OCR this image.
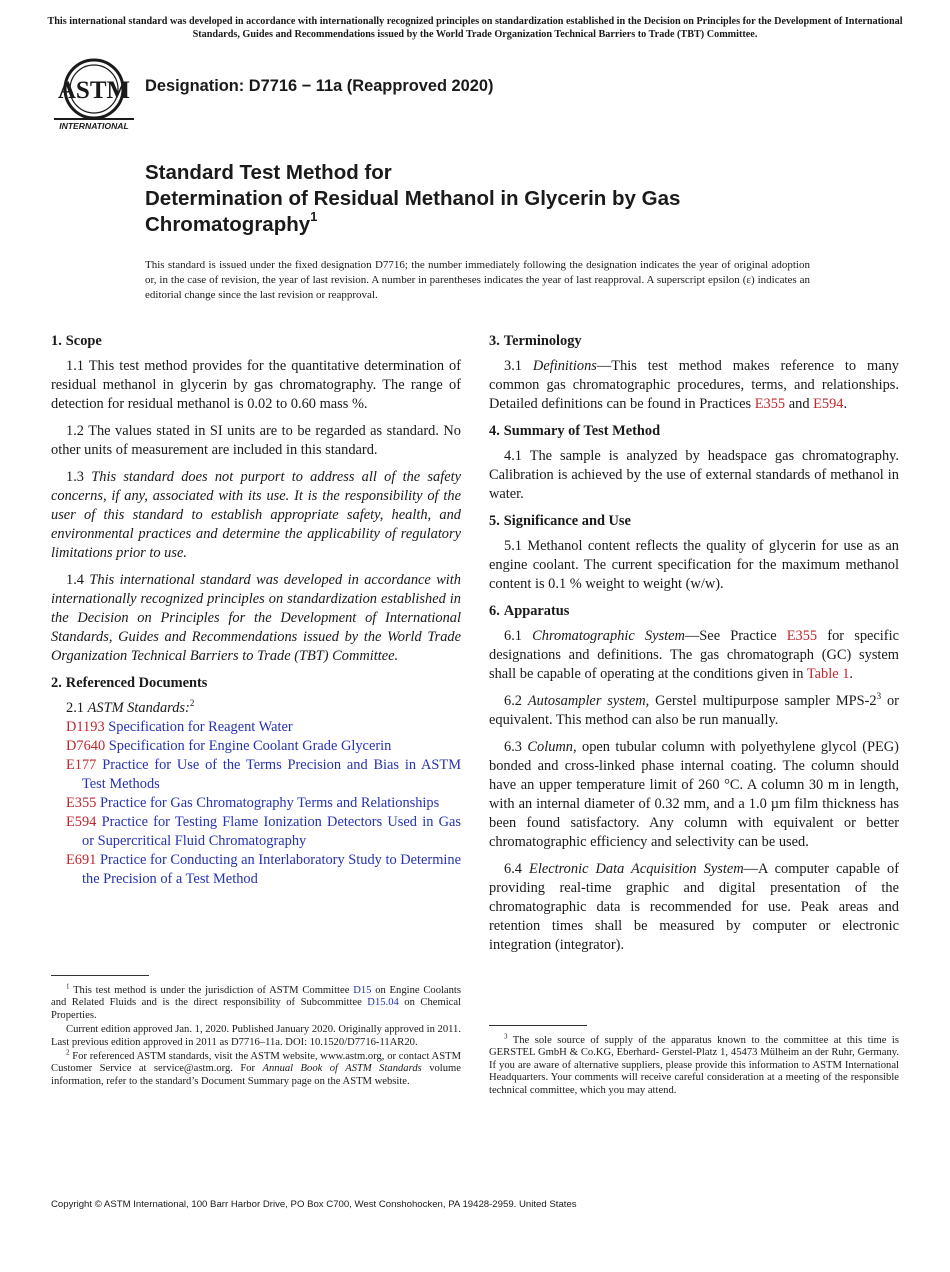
This international standard was developed in accordance with internationally recognized principles on standardization established in the Decision on Principles for the Development of International Standards, Guides and Recommendations issued by the World Trade Organization Technical Barriers to Trade (TBT) Committee.
ASTM
INTERNATIONAL
Designation: D7716 − 11a (Reapproved 2020)
Standard Test Method for
Determination of Residual Methanol in Glycerin by Gas
Chromatography$^1$
This standard is issued under the fixed designation D7716; the number immediately following the designation indicates the year of original adoption or, in the case of revision, the year of last revision. A number in parentheses indicates the year of last reapproval. A superscript epsilon (ε) indicates an editorial change since the last revision or reapproval.
1. Scope

1.1 This test method provides for the quantitative determination of residual methanol in glycerin by gas chromatography. The range of detection for residual methanol is 0.02 to 0.60 mass %.

1.2 The values stated in SI units are to be regarded as standard. No other units of measurement are included in this standard.

1.3 This standard does not purport to address all of the safety concerns, if any, associated with its use. It is the responsibility of the user of this standard to establish appropriate safety, health, and environmental practices and determine the applicability of regulatory limitations prior to use.

1.4 This international standard was developed in accordance with internationally recognized principles on standardization established in the Decision on Principles for the Development of International Standards, Guides and Recommendations issued by the World Trade Organization Technical Barriers to Trade (TBT) Committee.

2. Referenced Documents
2.1 ASTM Standards:$^2$
D1193 Specification for Reagent Water
D7640 Specification for Engine Coolant Grade Glycerin
E177 Practice for Use of the Terms Precision and Bias in ASTM Test Methods
E355 Practice for Gas Chromatography Terms and Relationships
E594 Practice for Testing Flame Ionization Detectors Used in Gas or Supercritical Fluid Chromatography
E691 Practice for Conducting an Interlaboratory Study to Determine the Precision of a Test Method

$^1$ This test method is under the jurisdiction of ASTM Committee D15 on Engine Coolants and Related Fluids and is the direct responsibility of Subcommittee D15.04 on Chemical Properties.

Current edition approved Jan. 1, 2020. Published January 2020. Originally approved in 2011. Last previous edition approved in 2011 as D7716–11a. DOI: 10.1520/D7716-11AR20.

$^2$ For referenced ASTM standards, visit the ASTM website, www.astm.org, or contact ASTM Customer Service at service@astm.org. For Annual Book of ASTM Standards volume information, refer to the standard’s Document Summary page on the ASTM website.

3. Terminology

3.1 Definitions—This test method makes reference to many common gas chromatographic procedures, terms, and relationships. Detailed definitions can be found in Practices E355 and E594.

4. Summary of Test Method

4.1 The sample is analyzed by headspace gas chromatography. Calibration is achieved by the use of external standards of methanol in water.

5. Significance and Use

5.1 Methanol content reflects the quality of glycerin for use as an engine coolant. The current specification for the maximum methanol content is 0.1 % weight to weight (w/w).

6. Apparatus

6.1 Chromatographic System—See Practice E355 for specific designations and definitions. The gas chromatograph (GC) system shall be capable of operating at the conditions given in Table 1.

6.2 Autosampler system, Gerstel multipurpose sampler MPS-$2^3$ or equivalent. This method can also be run manually.

6.3 Column, open tubular column with polyethylene glycol (PEG) bonded and cross-linked phase internal coating. The column should have an upper temperature limit of 260 °C. A column 30 m in length, with an internal diameter of 0.32 mm, and a 1.0 µm film thickness has been found satisfactory. Any column with equivalent or better chromatographic efficiency and selectivity can be used.

6.4 Electronic Data Acquisition System—A computer capable of providing real-time graphic and digital presentation of the chromatographic data is recommended for use. Peak areas and retention times shall be measured by computer or electronic integration (integrator).

$^3$ The sole source of supply of the apparatus known to the committee at this time is GERSTEL GmbH & Co.KG, Eberhard- Gerstel-Platz 1, 45473 Mülheim an der Ruhr, Germany. If you are aware of alternative suppliers, please provide this information to ASTM International Headquarters. Your comments will receive careful consideration at a meeting of the responsible technical committee, which you may attend.

Copyright © ASTM International, 100 Barr Harbor Drive, PO Box C700, West Conshohocken, PA 19428-2959. United States
